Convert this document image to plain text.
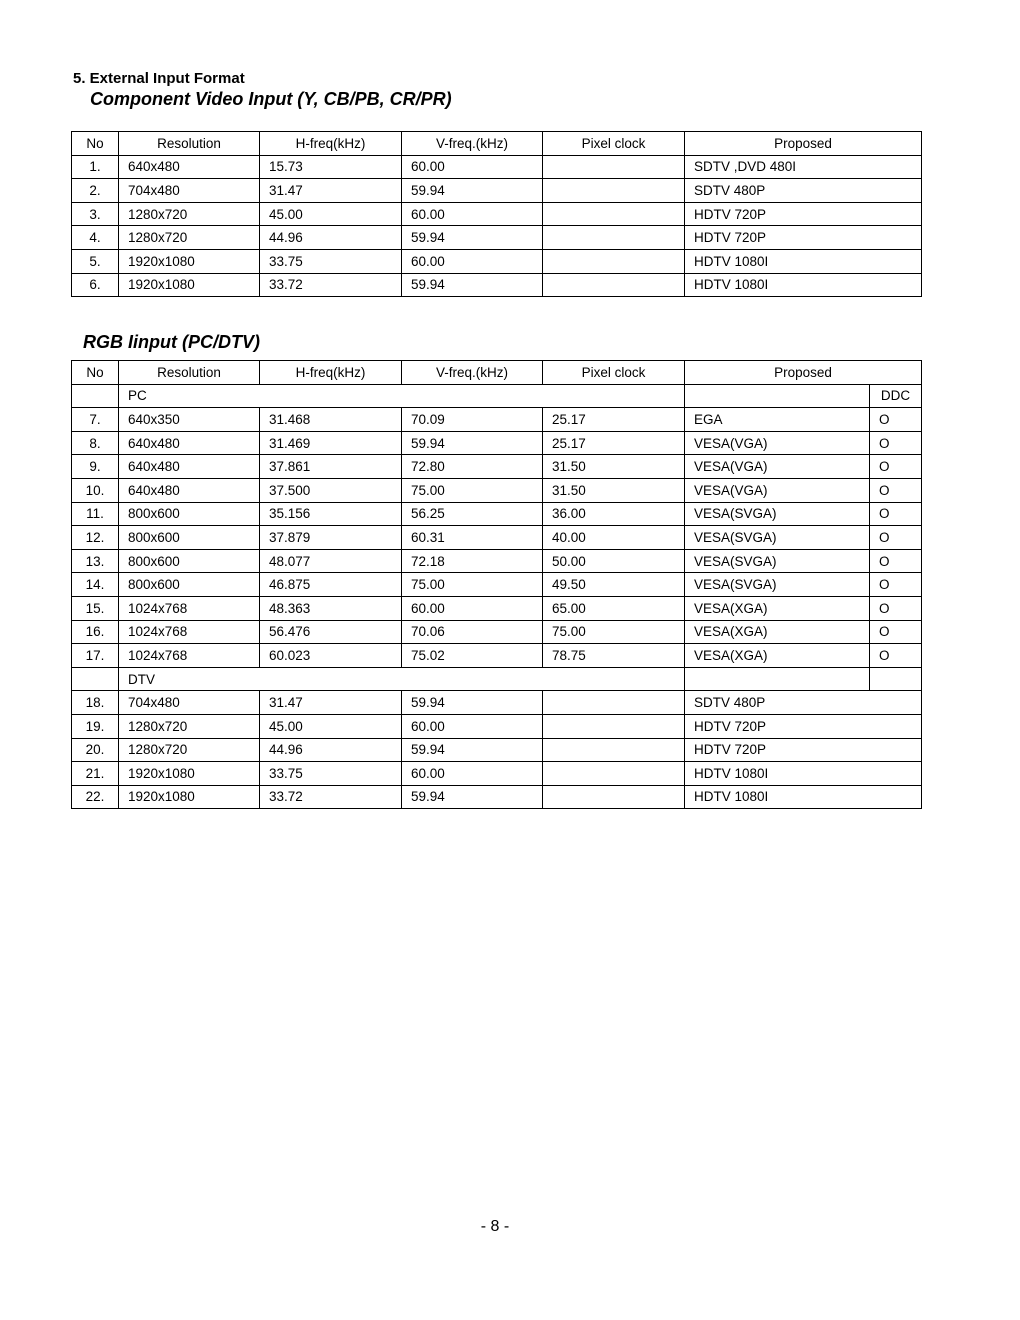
5. External Input Format
Component Video Input (Y, CB/PB, CR/PR)
No	Resolution	H-freq(kHz)	V-freq.(kHz)	Pixel clock	Proposed
1.	640x480	15.73	60.00		SDTV ,DVD 480I
2.	704x480	31.47	59.94		SDTV 480P
3.	1280x720	45.00	60.00		HDTV 720P
4.	1280x720	44.96	59.94		HDTV 720P
5.	1920x1080	33.75	60.00		HDTV 1080I
6.	1920x1080	33.72	59.94		HDTV 1080I
RGB Iinput (PC/DTV)
No	Resolution	H-freq(kHz)	V-freq.(kHz)	Pixel clock	Proposed	
	PC					DDC
7.	640x350	31.468	70.09	25.17	EGA	O
8.	640x480	31.469	59.94	25.17	VESA(VGA)	O
9.	640x480	37.861	72.80	31.50	VESA(VGA)	O
10.	640x480	37.500	75.00	31.50	VESA(VGA)	O
11.	800x600	35.156	56.25	36.00	VESA(SVGA)	O
12.	800x600	37.879	60.31	40.00	VESA(SVGA)	O
13.	800x600	48.077	72.18	50.00	VESA(SVGA)	O
14.	800x600	46.875	75.00	49.50	VESA(SVGA)	O
15.	1024x768	48.363	60.00	65.00	VESA(XGA)	O
16.	1024x768	56.476	70.06	75.00	VESA(XGA)	O
17.	1024x768	60.023	75.02	78.75	VESA(XGA)	O
	DTV					
18.	704x480	31.47	59.94		SDTV 480P	
19.	1280x720	45.00	60.00		HDTV 720P	
20.	1280x720	44.96	59.94		HDTV 720P	
21.	1920x1080	33.75	60.00		HDTV 1080I	
22.	1920x1080	33.72	59.94		HDTV 1080I	
- 8 -
